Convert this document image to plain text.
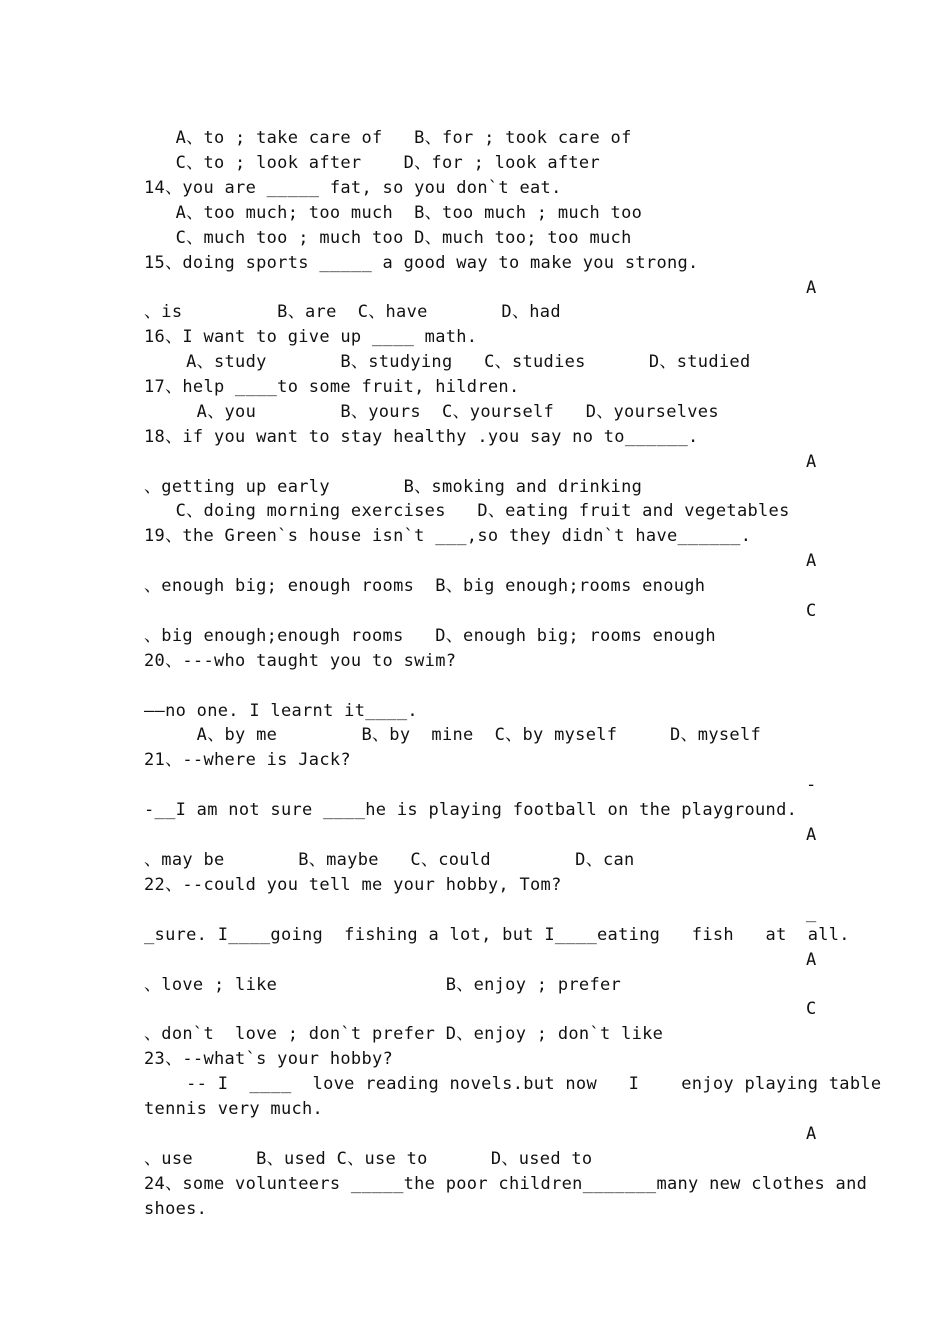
A、to ; take care of   B、for ; took care of
C、to ; look after    D、for ; look after
14、you are _____ fat, so you don`t eat.
A、too much; too much  B、too much ; much too
C、much too ; much too D、much too; too much
15、doing sports _____ a good way to make you strong.
A
、is         B、are  C、have       D、had
16、I want to give up ____ math.
A、study       B、studying   C、studies      D、studied
17、help ____to some fruit, hildren.
A、you        B、yours  C、yourself   D、yourselves
18、if you want to stay healthy .you say no to______.
A
、getting up early       B、smoking and drinking
C、doing morning exercises   D、eating fruit and vegetables
19、the Green`s house isn`t ___,so they didn`t have______.
A
、enough big; enough rooms  B、big enough;rooms enough
C
、big enough;enough rooms   D、enough big; rooms enough
20、---who taught you to swim?
——no one. I learnt it____.
A、by me        B、by  mine  C、by myself     D、myself
21、--where is Jack?
-
-__I am not sure ____he is playing football on the playground.
A
、may be       B、maybe   C、could        D、can
22、--could you tell me your hobby, Tom?
_
_sure. I____going  fishing a lot, but I____eating   fish   at  all.
A
、love ; like                B、enjoy ; prefer
C
、don`t  love ; don`t prefer D、enjoy ; don`t like
23、--what`s your hobby?
-- I  ____  love reading novels.but now   I    enjoy playing table
tennis very much.
A
、use      B、used C、use to      D、used to
24、some volunteers _____the poor children_______many new clothes and
shoes.
